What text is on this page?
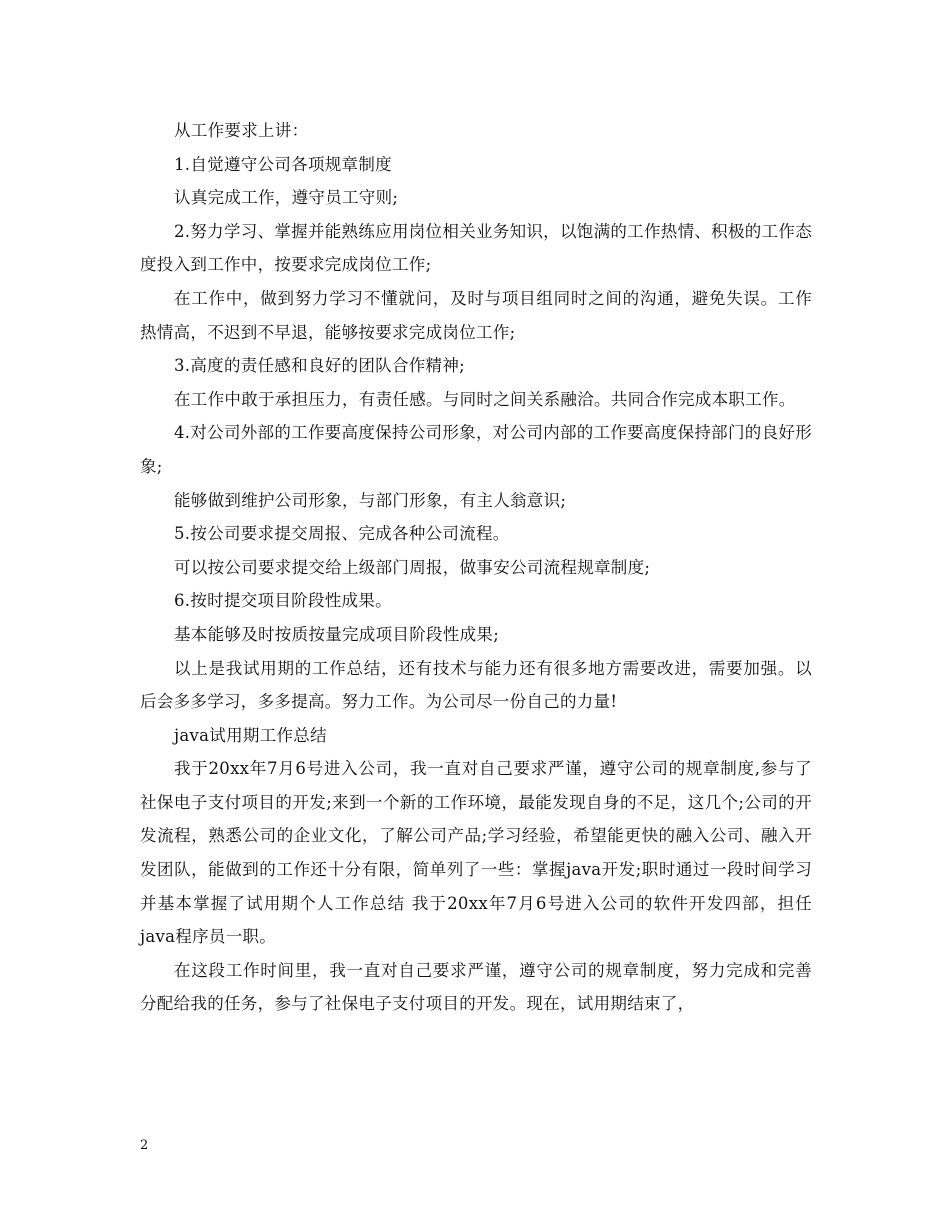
从工作要求上讲：

1.自觉遵守公司各项规章制度

认真完成工作，遵守员工守则;

2.努力学习、掌握并能熟练应用岗位相关业务知识，以饱满的工作热情、积极的工作态度投入到工作中，按要求完成岗位工作;

在工作中，做到努力学习不懂就问，及时与项目组同时之间的沟通，避免失误。工作热情高，不迟到不早退，能够按要求完成岗位工作;

3.高度的责任感和良好的团队合作精神;

在工作中敢于承担压力，有责任感。与同时之间关系融洽。共同合作完成本职工作。

4.对公司外部的工作要高度保持公司形象，对公司内部的工作要高度保持部门的良好形象;

能够做到维护公司形象，与部门形象，有主人翁意识;

5.按公司要求提交周报、完成各种公司流程。

可以按公司要求提交给上级部门周报，做事安公司流程规章制度;

6.按时提交项目阶段性成果。

基本能够及时按质按量完成项目阶段性成果;

以上是我试用期的工作总结，还有技术与能力还有很多地方需要改进，需要加强。以后会多多学习，多多提高。努力工作。为公司尽一份自己的力量!

java试用期工作总结

我于20xx年7月6号进入公司，我一直对自己要求严谨，遵守公司的规章制度,参与了社保电子支付项目的开发;来到一个新的工作环境，最能发现自身的不足，这几个;公司的开发流程，熟悉公司的企业文化，了解公司产品;学习经验，希望能更快的融入公司、融入开发团队，能做到的工作还十分有限，简单列了一些：掌握java开发;职时通过一段时间学习并基本掌握了试用期个人工作总结 我于20xx年7月6号进入公司的软件开发四部，担任java程序员一职。

在这段工作时间里，我一直对自己要求严谨，遵守公司的规章制度，努力完成和完善分配给我的任务，参与了社保电子支付项目的开发。现在，试用期结束了，

2
